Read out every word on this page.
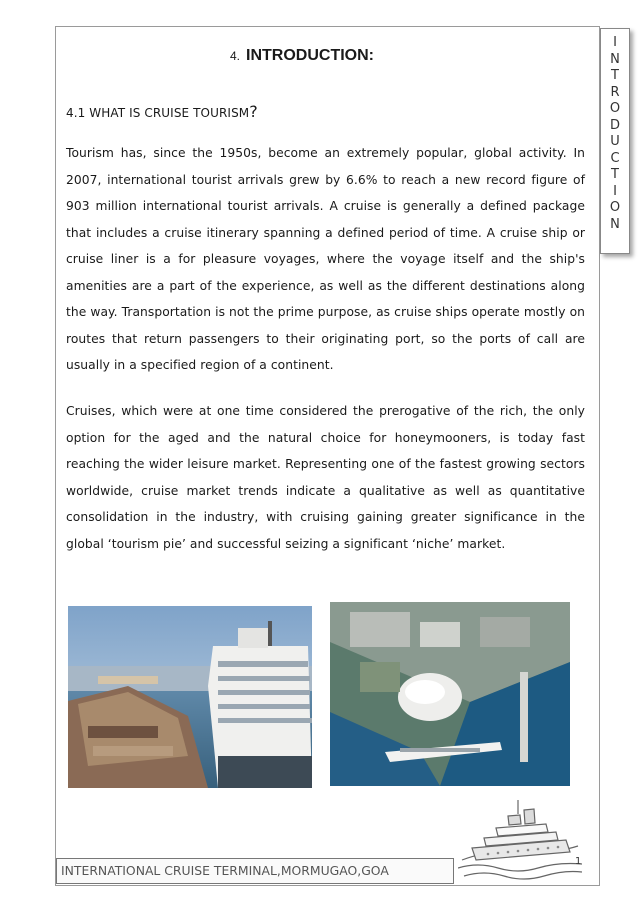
I
N
T
R
O
D
U
C
T
I
O
N
4. INTRODUCTION:
4.1 WHAT IS CRUISE TOURISM?
Tourism has, since the 1950s, become an extremely popular, global activity. In 2007, international tourist arrivals grew by 6.6% to reach a new record figure of 903 million international tourist arrivals. A cruise is generally a defined package that includes a cruise itinerary spanning a defined period of time. A cruise ship or cruise liner is a for pleasure voyages, where the voyage itself and the ship's amenities are a part of the experience, as well as the different destinations along the way. Transportation is not the prime purpose, as cruise ships operate mostly on routes that return passengers to their originating port, so the ports of call are usually in a specified region of a continent.
Cruises, which were at one time considered the prerogative of the rich, the only option for the aged and the natural choice for honeymooners, is today fast reaching the wider leisure market. Representing one of the fastest growing sectors worldwide, cruise market trends indicate a qualitative as well as quantitative consolidation in the industry, with cruising gaining greater significance in the global ‘tourism pie’ and successful seizing a significant ‘niche’ market.
INTERNATIONAL CRUISE TERMINAL,MORMUGAO,GOA
1
